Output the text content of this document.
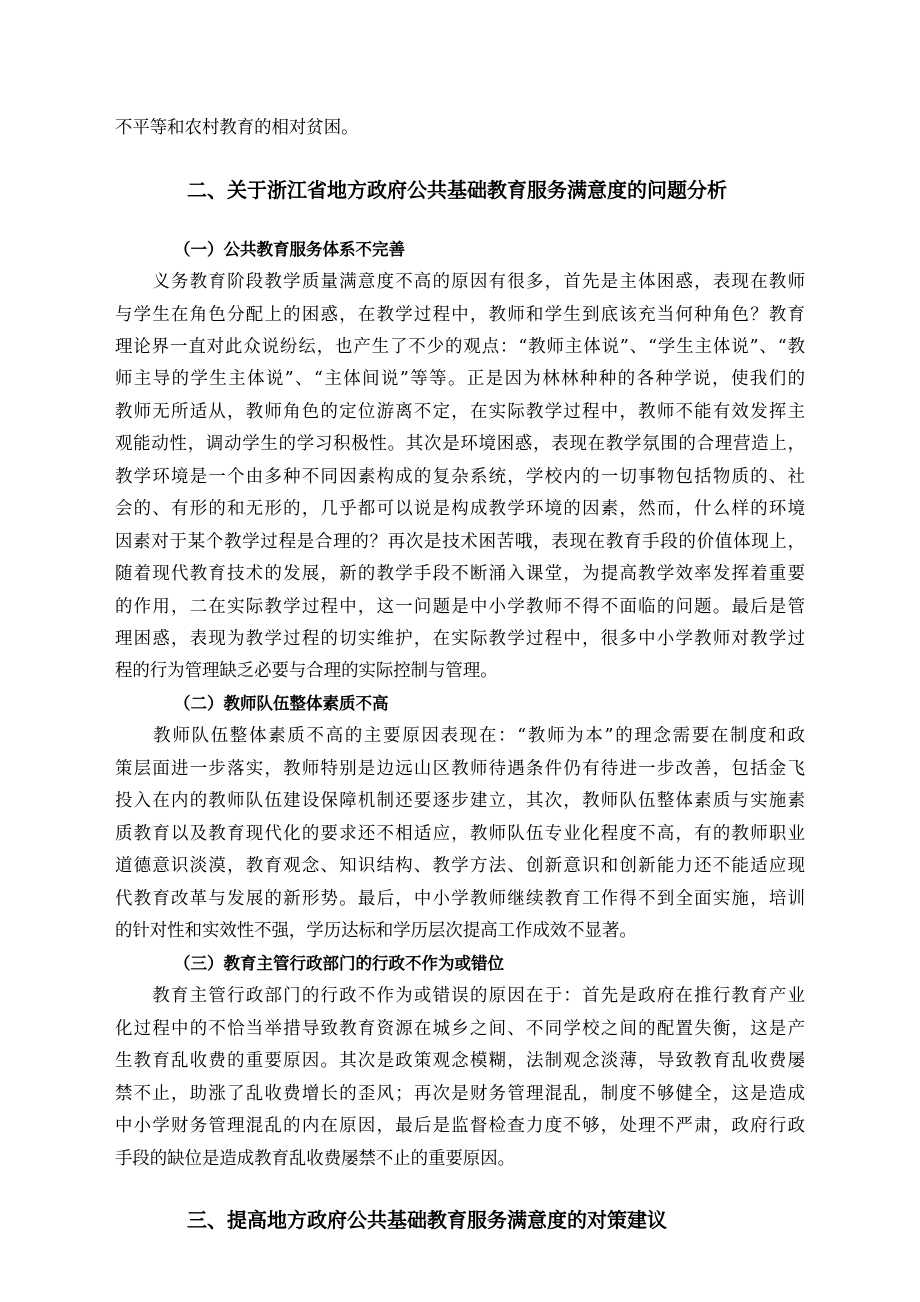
不平等和农村教育的相对贫困。
二、关于浙江省地方政府公共基础教育服务满意度的问题分析
（一）公共教育服务体系不完善
　　义务教育阶段教学质量满意度不高的原因有很多，首先是主体困惑，表现在教师
与学生在角色分配上的困惑，在教学过程中，教师和学生到底该充当何种角色？教育
理论界一直对此众说纷纭，也产生了不少的观点：“教师主体说”、“学生主体说”、“教
师主导的学生主体说”、“主体间说”等等。正是因为林林种种的各种学说，使我们的
教师无所适从，教师角色的定位游离不定，在实际教学过程中，教师不能有效发挥主
观能动性，调动学生的学习积极性。其次是环境困惑，表现在教学氛围的合理营造上，
教学环境是一个由多种不同因素构成的复杂系统，学校内的一切事物包括物质的、社
会的、有形的和无形的，几乎都可以说是构成教学环境的因素，然而，什么样的环境
因素对于某个教学过程是合理的？再次是技术困苦哦，表现在教育手段的价值体现上，
随着现代教育技术的发展，新的教学手段不断涌入课堂，为提高教学效率发挥着重要
的作用，二在实际教学过程中，这一问题是中小学教师不得不面临的问题。最后是管
理困惑，表现为教学过程的切实维护，在实际教学过程中，很多中小学教师对教学过
程的行为管理缺乏必要与合理的实际控制与管理。
（二）教师队伍整体素质不高
　　教师队伍整体素质不高的主要原因表现在：“教师为本”的理念需要在制度和政
策层面进一步落实，教师特别是边远山区教师待遇条件仍有待进一步改善，包括金飞
投入在内的教师队伍建设保障机制还要逐步建立，其次，教师队伍整体素质与实施素
质教育以及教育现代化的要求还不相适应，教师队伍专业化程度不高，有的教师职业
道德意识淡漠，教育观念、知识结构、教学方法、创新意识和创新能力还不能适应现
代教育改革与发展的新形势。最后，中小学教师继续教育工作得不到全面实施，培训
的针对性和实效性不强，学历达标和学历层次提高工作成效不显著。
（三）教育主管行政部门的行政不作为或错位
　　教育主管行政部门的行政不作为或错误的原因在于：首先是政府在推行教育产业
化过程中的不恰当举措导致教育资源在城乡之间、不同学校之间的配置失衡，这是产
生教育乱收费的重要原因。其次是政策观念模糊，法制观念淡薄，导致教育乱收费屡
禁不止，助涨了乱收费增长的歪风；再次是财务管理混乱，制度不够健全，这是造成
中小学财务管理混乱的内在原因，最后是监督检查力度不够，处理不严肃，政府行政
手段的缺位是造成教育乱收费屡禁不止的重要原因。
三、提高地方政府公共基础教育服务满意度的对策建议
